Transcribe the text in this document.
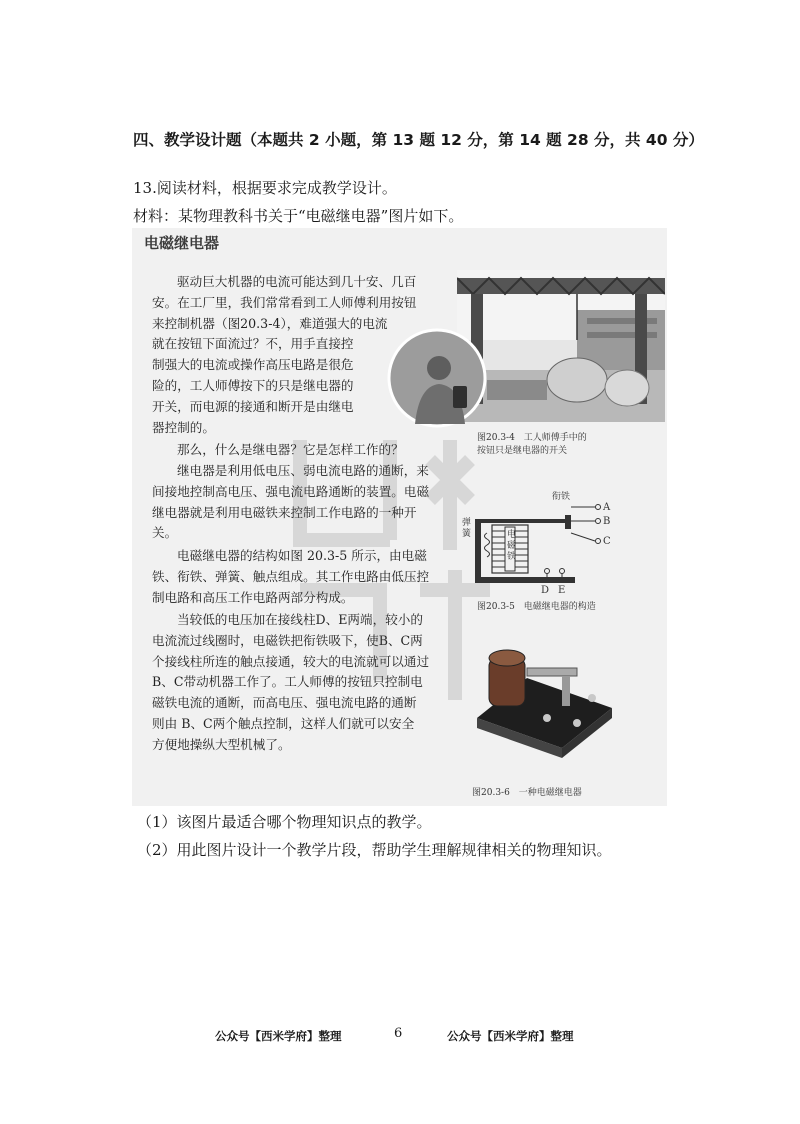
四、教学设计题（本题共 2 小题，第 13 题 12 分，第 14 题 28 分，共 40 分）
13.阅读材料，根据要求完成教学设计。
材料：某物理教科书关于“电磁继电器”图片如下。
电磁继电器
驱动巨大机器的电流可能达到几十安、几百
安。在工厂里，我们常常看到工人师傅利用按钮
来控制机器（图20.3-4），难道强大的电流
就在按钮下面流过？不，用手直接控
制强大的电流或操作高压电路是很危
险的，工人师傅按下的只是继电器的
开关，而电源的接通和断开是由继电
器控制的。
那么，什么是继电器？它是怎样工作的？
继电器是利用低电压、弱电流电路的通断，来
间接地控制高电压、强电流电路通断的装置。电磁
继电器就是利用电磁铁来控制工作电路的一种开
关。
电磁继电器的结构如图 20.3-5 所示，由电磁
铁、衔铁、弹簧、触点组成。其工作电路由低压控
制电路和高压工作电路两部分构成。
当较低的电压加在接线柱D、E两端，较小的
电流流过线圈时，电磁铁把衔铁吸下，使B、C两
个接线柱所连的触点接通，较大的电流就可以通过
B、C带动机器工作了。工人师傅的按钮只控制电
磁铁电流的通断，而高电压、强电流电路的通断
则由 B、C两个触点控制，这样人们就可以安全
方便地操纵大型机械了。
图20.3-4　工人师傅手中的
按钮只是继电器的开关
衔铁
弹簧	电磁铁
A
B
C
D E
图20.3-5　电磁继电器的构造
图20.3-6　一种电磁继电器
（1）该图片最适合哪个物理知识点的教学。
（2）用此图片设计一个教学片段，帮助学生理解规律相关的物理知识。
公众号【西米学府】整理	6	公众号【西米学府】整理
